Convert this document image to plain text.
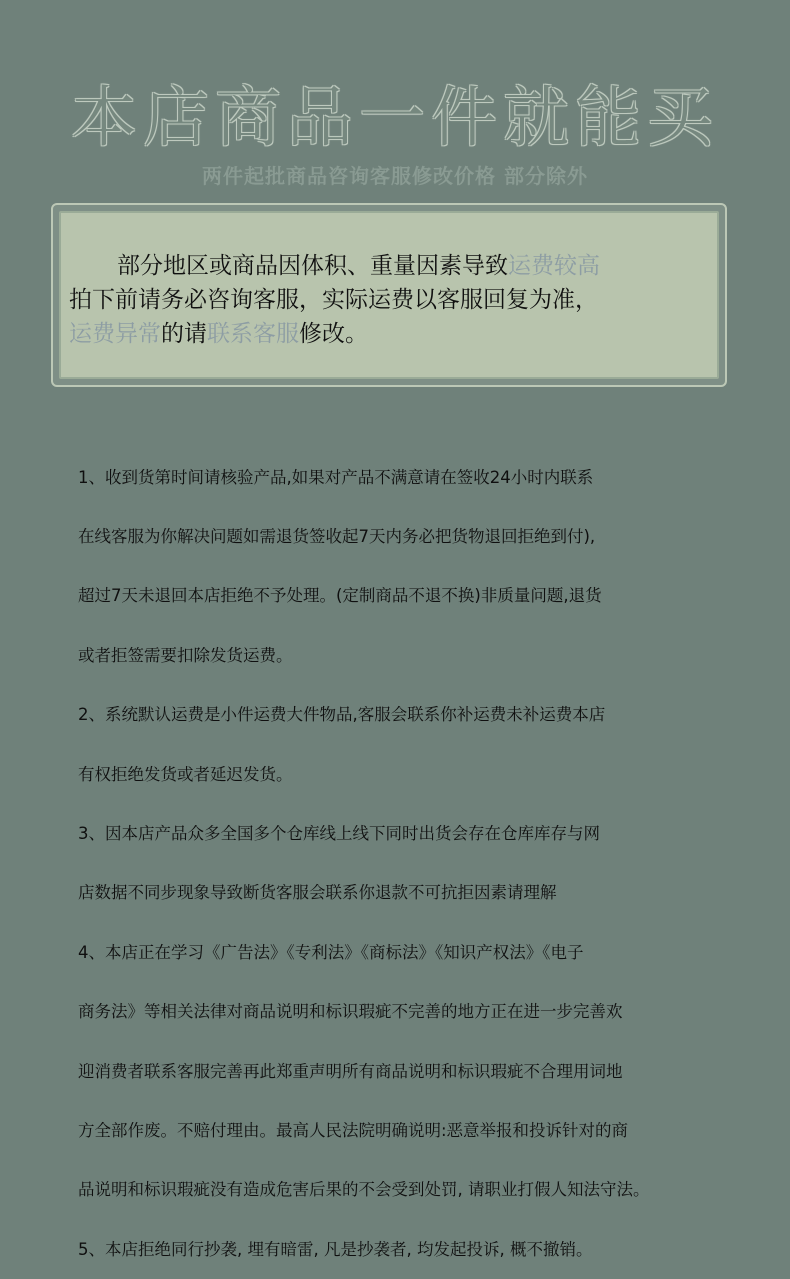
本店商品一件就能买
两件起批商品咨询客服修改价格 部分除外
部分地区或商品因体积、重量因素导致运费较高
拍下前请务必咨询客服，实际运费以客服回复为准，
运费异常的请联系客服修改。

1、收到货第时间请核验产品,如果对产品不满意请在签收24小时内联系

在线客服为你解决问题如需退货签收起7天内务必把货物退回拒绝到付),

超过7天未退回本店拒绝不予处理。(定制商品不退不换)非质量问题,退货

或者拒签需要扣除发货运费。

2、系统默认运费是小件运费大件物品,客服会联系你补运费未补运费本店

有权拒绝发货或者延迟发货。

3、因本店产品众多全国多个仓库线上线下同时出货会存在仓库库存与网

店数据不同步现象导致断货客服会联系你退款不可抗拒因素请理解

4、本店正在学习《广告法》《专利法》《商标法》《知识产权法》《电子

商务法》等相关法律对商品说明和标识瑕疵不完善的地方正在进一步完善欢

迎消费者联系客服完善再此郑重声明所有商品说明和标识瑕疵不合理用词地

方全部作废。不赔付理由。最高人民法院明确说明:恶意举报和投诉针对的商

品说明和标识瑕疵没有造成危害后果的不会受到处罚, 请职业打假人知法守法。

5、本店拒绝同行抄袭, 埋有暗雷, 凡是抄袭者, 均发起投诉, 概不撤销。
